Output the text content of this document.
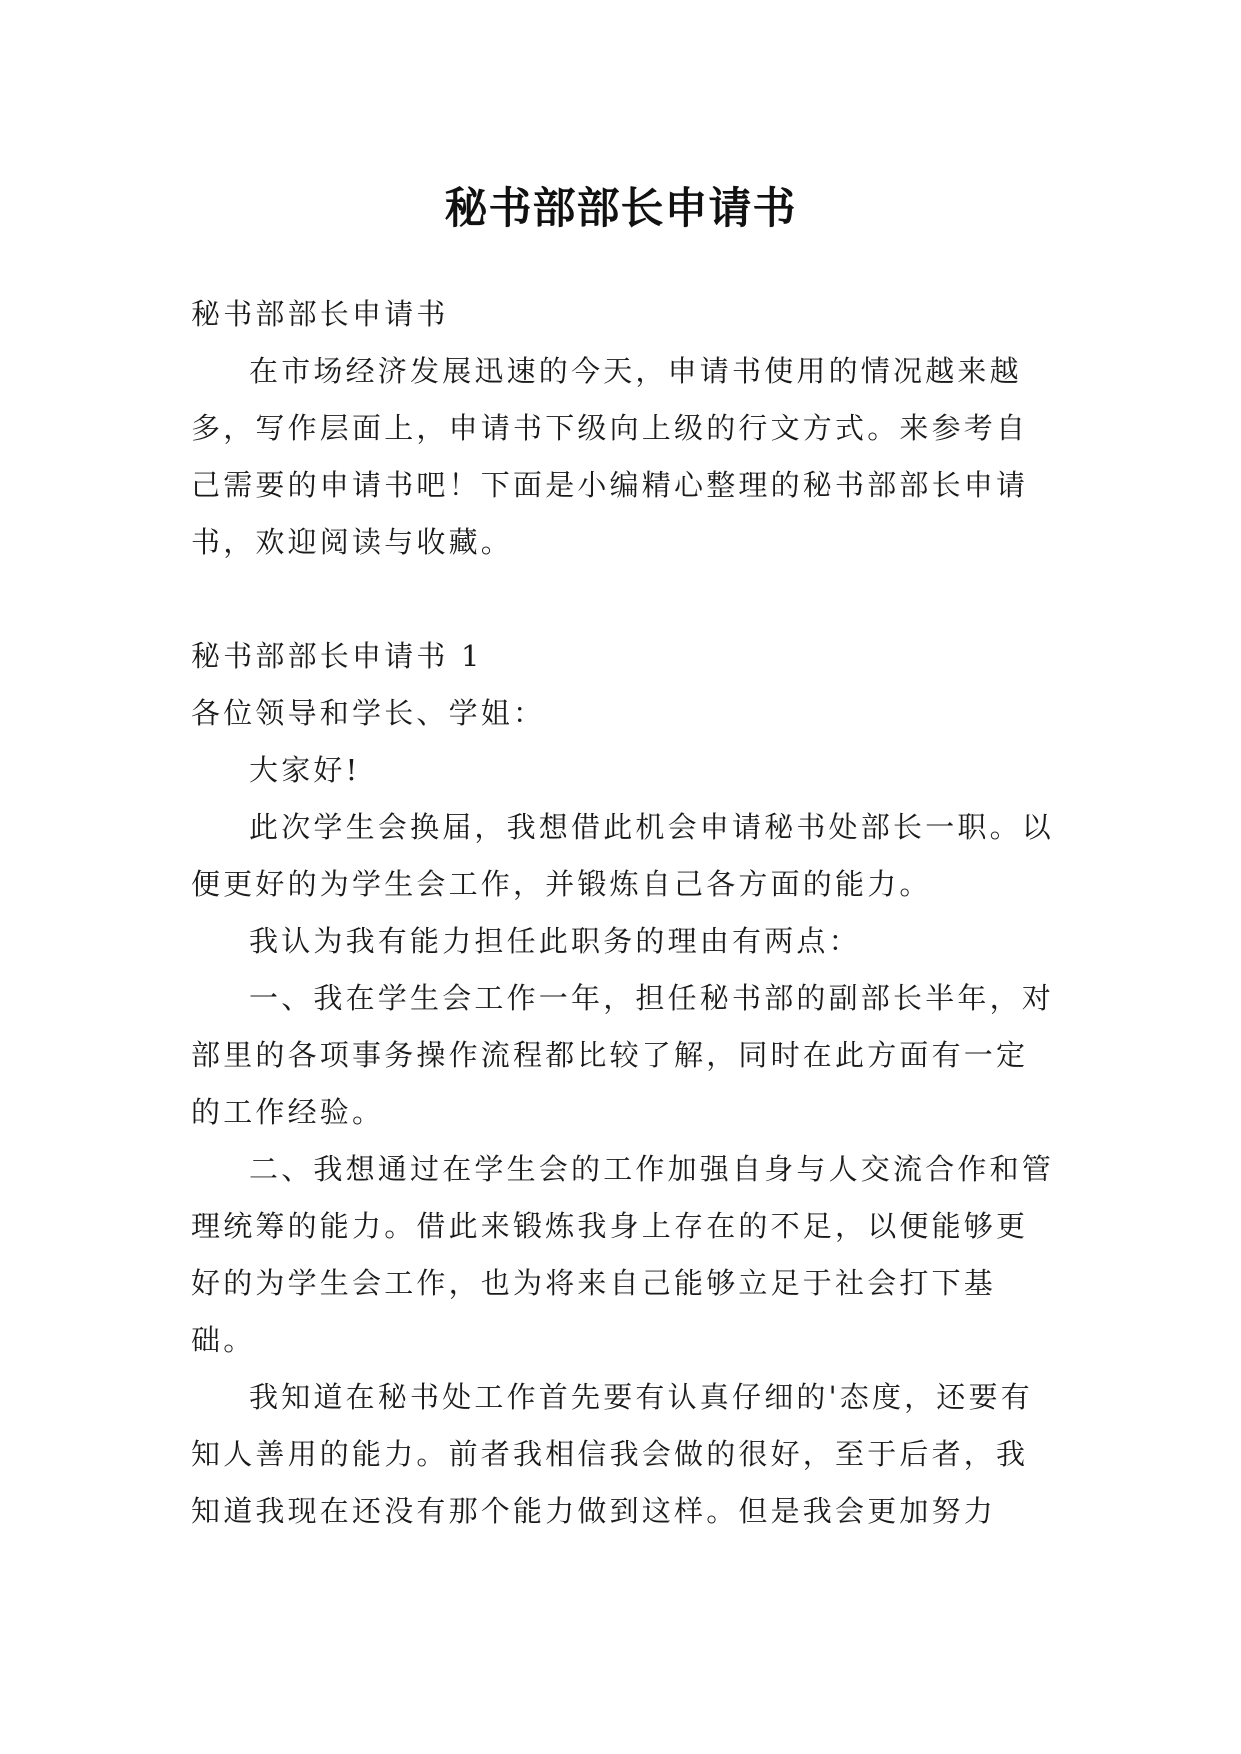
秘书部部长申请书

秘书部部长申请书

在市场经济发展迅速的今天，申请书使用的情况越来越多，写作层面上，申请书下级向上级的行文方式。来参考自己需要的申请书吧！下面是小编精心整理的秘书部部长申请书，欢迎阅读与收藏。

秘书部部长申请书 1

各位领导和学长、学姐：

大家好!

此次学生会换届，我想借此机会申请秘书处部长一职。以便更好的为学生会工作，并锻炼自己各方面的能力。

我认为我有能力担任此职务的理由有两点：

一、我在学生会工作一年，担任秘书部的副部长半年，对部里的各项事务操作流程都比较了解，同时在此方面有一定的工作经验。

二、我想通过在学生会的工作加强自身与人交流合作和管理统筹的能力。借此来锻炼我身上存在的不足，以便能够更好的为学生会工作，也为将来自己能够立足于社会打下基础。

我知道在秘书处工作首先要有认真仔细的'态度，还要有知人善用的能力。前者我相信我会做的很好，至于后者，我知道我现在还没有那个能力做到这样。但是我会更加努力
